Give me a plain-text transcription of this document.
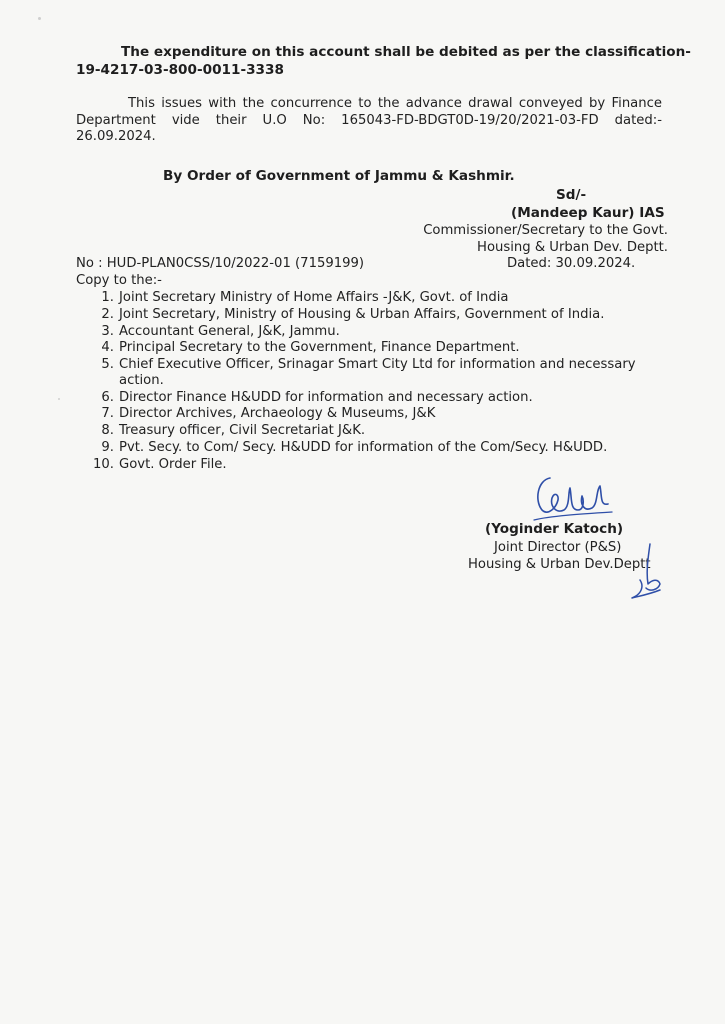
The expenditure on this account shall be debited as per the classification-
19-4217-03-800-0011-3338

This issues with the concurrence to the advance drawal conveyed by Finance Department vide their U.O No: 165043-FD-BDGT0D-19/20/2021-03-FD dated:- 26.09.2024.

By Order of Government of Jammu & Kashmir.
Sd/-
(Mandeep Kaur) IAS
Commissioner/Secretary to the Govt.
Housing & Urban Dev. Deptt.
No : HUD-PLAN0CSS/10/2022-01 (7159199)	Dated: 30.09.2024.
Copy to the:-
1. Joint Secretary Ministry of Home Affairs -J&K, Govt. of India
2. Joint Secretary, Ministry of Housing & Urban Affairs, Government of India.
3. Accountant General, J&K, Jammu.
4. Principal Secretary to the Government, Finance Department.
5. Chief Executive Officer, Srinagar Smart City Ltd for information and necessary action.
6. Director Finance H&UDD for information and necessary action.
7. Director Archives, Archaeology & Museums, J&K
8. Treasury officer, Civil Secretariat J&K.
9. Pvt. Secy. to Com/ Secy. H&UDD for information of the Com/Secy. H&UDD.
10. Govt. Order File.
(Yoginder Katoch)
Joint Director (P&S)
Housing & Urban Dev.Deptt
